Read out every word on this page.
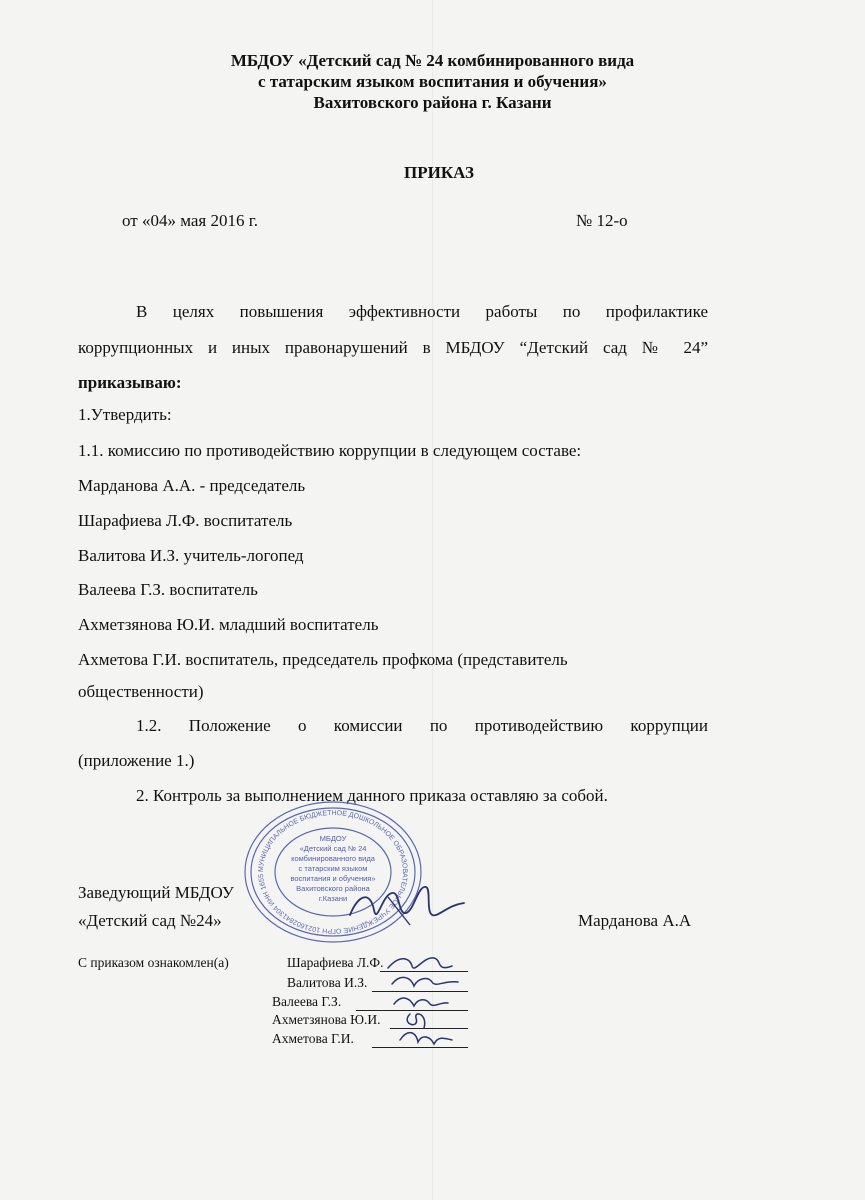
МБДОУ «Детский сад № 24 комбинированного вида
с татарским языком воспитания и обучения»
Вахитовского района г. Казани
ПРИКАЗ
от «04» мая 2016 г.	№ 12-о
В целях повышения эффективности работы по профилактике
коррупционных и иных правонарушений в МБДОУ “Детский сад № 24”
приказываю:
1.Утвердить:
1.1. комиссию по противодействию коррупции в следующем составе:
Марданова А.А. - председатель
Шарафиева Л.Ф. воспитатель
Валитова И.З. учитель-логопед
Валеева Г.З. воспитатель
Ахметзянова Ю.И. младший воспитатель
Ахметова Г.И. воспитатель, председатель профкома (представитель
общественности)
1.2. Положение о комиссии по противодействию коррупции
(приложение 1.)
2. Контроль за выполнением данного приказа оставляю за собой.
МУНИЦИПАЛЬНОЕ БЮДЖЕТНОЕ ДОШКОЛЬНОЕ ОБРАЗОВАТЕЛЬНОЕ УЧРЕЖДЕНИЕ ОГРН 1021602841304 ИНН 1655
МБДОУ
«Детский сад № 24
комбинированного вида
с татарским языком
воспитания и обучения»
Вахитовского района
г.Казани
Заведующий МБДОУ
«Детский сад №24»	Марданова А.А
С приказом ознакомлен(а)	Шарафиева Л.Ф.
Валитова И.З.
Валеева Г.З.
Ахметзянова Ю.И.
Ахметова Г.И.
